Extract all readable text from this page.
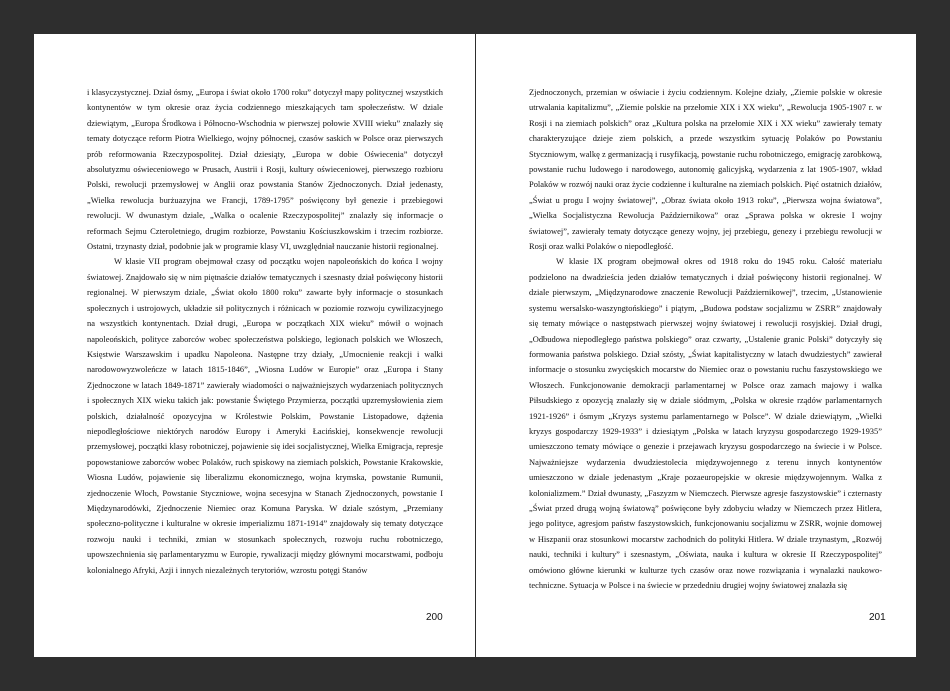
i klasyczystycznej. Dział ósmy, „Europa i świat około 1700 roku” dotyczył mapy politycznej wszystkich kontynentów w tym okresie oraz życia codziennego mieszkających tam społeczeństw. W dziale dziewiątym, „Europa Środkowa i Północno-Wschodnia w pierwszej połowie XVIII wieku” znalazły się tematy dotyczące reform Piotra Wielkiego, wojny północnej, czasów saskich w Polsce oraz pierwszych prób reformowania Rzeczypospolitej. Dział dziesiąty, „Europa w dobie Oświecenia” dotyczył absolutyzmu oświeceniowego w Prusach, Austrii i Rosji, kultury oświeceniowej, pierwszego rozbioru Polski, rewolucji przemysłowej w Anglii oraz powstania Stanów Zjednoczonych. Dział jedenasty, „Wielka rewolucja burżuazyjna we Francji, 1789-1795” poświęcony był genezie i przebiegowi rewolucji. W dwunastym dziale, „Walka o ocalenie Rzeczypospolitej” znalazły się informacje o reformach Sejmu Czteroletniego, drugim rozbiorze, Powstaniu Kościuszkowskim i trzecim rozbiorze. Ostatni, trzynasty dział, podobnie jak w programie klasy VI, uwzględniał nauczanie historii regionalnej.

W klasie VII program obejmował czasy od początku wojen napoleońskich do końca I wojny światowej. Znajdowało się w nim piętnaście działów tematycznych i szesnasty dział poświęcony historii regionalnej. W pierwszym dziale, „Świat około 1800 roku” zawarte były informacje o stosunkach społecznych i ustrojowych, układzie sił politycznych i różnicach w poziomie rozwoju cywilizacyjnego na wszystkich kontynentach. Dział drugi, „Europa w początkach XIX wieku” mówił o wojnach napoleońskich, polityce zaborców wobec społeczeństwa polskiego, legionach polskich we Włoszech, Księstwie Warszawskim i upadku Napoleona. Następne trzy działy, „Umocnienie reakcji i walki narodowowyzwoleńcze w latach 1815-1846”, „Wiosna Ludów w Europie” oraz „Europa i Stany Zjednoczone w latach 1849-1871” zawierały wiadomości o najważniejszych wydarzeniach politycznych i społecznych XIX wieku takich jak: powstanie Świętego Przymierza, początki upzremysłowienia ziem polskich, działalność opozycyjna w Królestwie Polskim, Powstanie Listopadowe, dążenia niepodległościowe niektórych narodów Europy i Ameryki Łacińskiej, konsekwencje rewolucji przemysłowej, początki klasy robotniczej, pojawienie się idei socjalistycznej, Wielka Emigracja, represje popowstaniowe zaborców wobec Polaków, ruch spiskowy na ziemiach polskich, Powstanie Krakowskie, Wiosna Ludów, pojawienie się liberalizmu ekonomicznego, wojna krymska, powstanie Rumunii, zjednoczenie Włoch, Powstanie Styczniowe, wojna secesyjna w Stanach Zjednoczonych, powstanie I Międzynarodówki, Zjednoczenie Niemiec oraz Komuna Paryska. W dziale szóstym, „Przemiany społeczno-polityczne i kulturalne w okresie imperializmu 1871-1914” znajdowały się tematy dotyczące rozwoju nauki i techniki, zmian w stosunkach społecznych, rozwoju ruchu robotniczego, upowszechnienia się parlamentaryzmu w Europie, rywalizacji między głównymi mocarstwami, podboju kolonialnego Afryki, Azji i innych niezależnych terytoriów, wzrostu potęgi Stanów

200

Zjednoczonych, przemian w oświacie i życiu codziennym. Kolejne działy, „Ziemie polskie w okresie utrwalania kapitalizmu”, „Ziemie polskie na przełomie XIX i XX wieku”, „Rewolucja 1905-1907 r. w Rosji i na ziemiach polskich” oraz „Kultura polska na przełomie XIX i XX wieku” zawierały tematy charakteryzujące dzieje ziem polskich, a przede wszystkim sytuację Polaków po Powstaniu Styczniowym, walkę z germanizacją i rusyfikacją, powstanie ruchu robotniczego, emigrację zarobkową, powstanie ruchu ludowego i narodowego, autonomię galicyjską, wydarzenia z lat 1905-1907, wkład Polaków w rozwój nauki oraz życie codzienne i kulturalne na ziemiach polskich. Pięć ostatnich działów, „Świat u progu I wojny światowej”, „Obraz świata około 1913 roku”, „Pierwsza wojna światowa”, „Wielka Socjalistyczna Rewolucja Październikowa” oraz „Sprawa polska w okresie I wojny światowej”, zawierały tematy dotyczące genezy wojny, jej przebiegu, genezy i przebiegu rewolucji w Rosji oraz walki Polaków o niepodległość.

W klasie IX program obejmował okres od 1918 roku do 1945 roku. Całość materiału podzielono na dwadzieścia jeden działów tematycznych i dział poświęcony historii regionalnej. W dziale pierwszym, „Międzynarodowe znaczenie Rewolucji Październikowej”, trzecim, „Ustanowienie systemu wersalsko-waszyngtońskiego” i piątym, „Budowa podstaw socjalizmu w ZSRR” znajdowały się tematy mówiące o następstwach pierwszej wojny światowej i rewolucji rosyjskiej. Dział drugi, „Odbudowa niepodległego państwa polskiego” oraz czwarty, „Ustalenie granic Polski” dotyczyły się formowania państwa polskiego. Dział szósty, „Świat kapitalistyczny w latach dwudziestych” zawierał informacje o stosunku zwycięskich mocarstw do Niemiec oraz o powstaniu ruchu faszystowskiego we Włoszech. Funkcjonowanie demokracji parlamentarnej w Polsce oraz zamach majowy i walka Piłsudskiego z opozycją znalazły się w dziale siódmym, „Polska w okresie rządów parlamentarnych 1921-1926” i ósmym „Kryzys systemu parlamentarnego w Polsce”. W dziale dziewiątym, „Wielki kryzys gospodarczy 1929-1933” i dziesiątym „Polska w latach kryzysu gospodarczego 1929-1935” umieszczono tematy mówiące o genezie i przejawach kryzysu gospodarczego na świecie i w Polsce. Najważniejsze wydarzenia dwudziestolecia międzywojennego z terenu innych kontynentów umieszczono w dziale jedenastym „Kraje pozaeuropejskie w okresie międzywojennym. Walka z kolonializmem.” Dział dwunasty, „Faszyzm w Niemczech. Pierwsze agresje faszystowskie” i czternasty „Świat przed drugą wojną światową” poświęcone były zdobyciu władzy w Niemczech przez Hitlera, jego polityce, agresjom państw faszystowskich, funkcjonowaniu socjalizmu w ZSRR, wojnie domowej w Hiszpanii oraz stosunkowi mocarstw zachodnich do polityki Hitlera. W dziale trzynastym, „Rozwój nauki, techniki i kultury” i szesnastym, „Oświata, nauka i kultura w okresie II Rzeczypospolitej” omówiono główne kierunki w kulturze tych czasów oraz nowe rozwiązania i wynalazki naukowo-techniczne. Sytuacja w Polsce i na świecie w przededniu drugiej wojny światowej znalazła się

201
